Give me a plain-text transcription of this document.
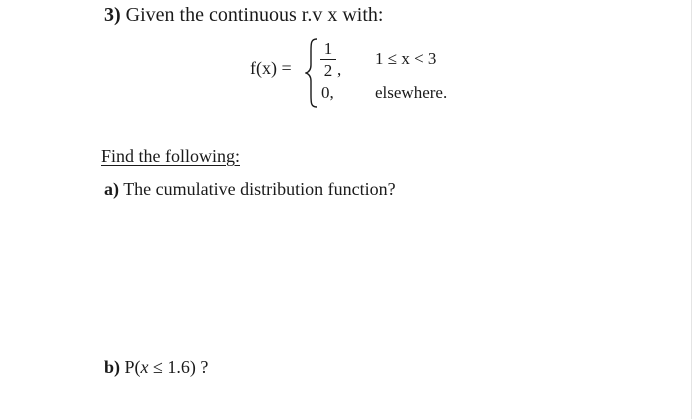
3) Given the continuous r.v x with:
f(x) =
1
2 ,
0,
1 ≤ x < 3
elsewhere.
Find the following:
a) The cumulative distribution function?
b) P(x ≤ 1.6) ?
